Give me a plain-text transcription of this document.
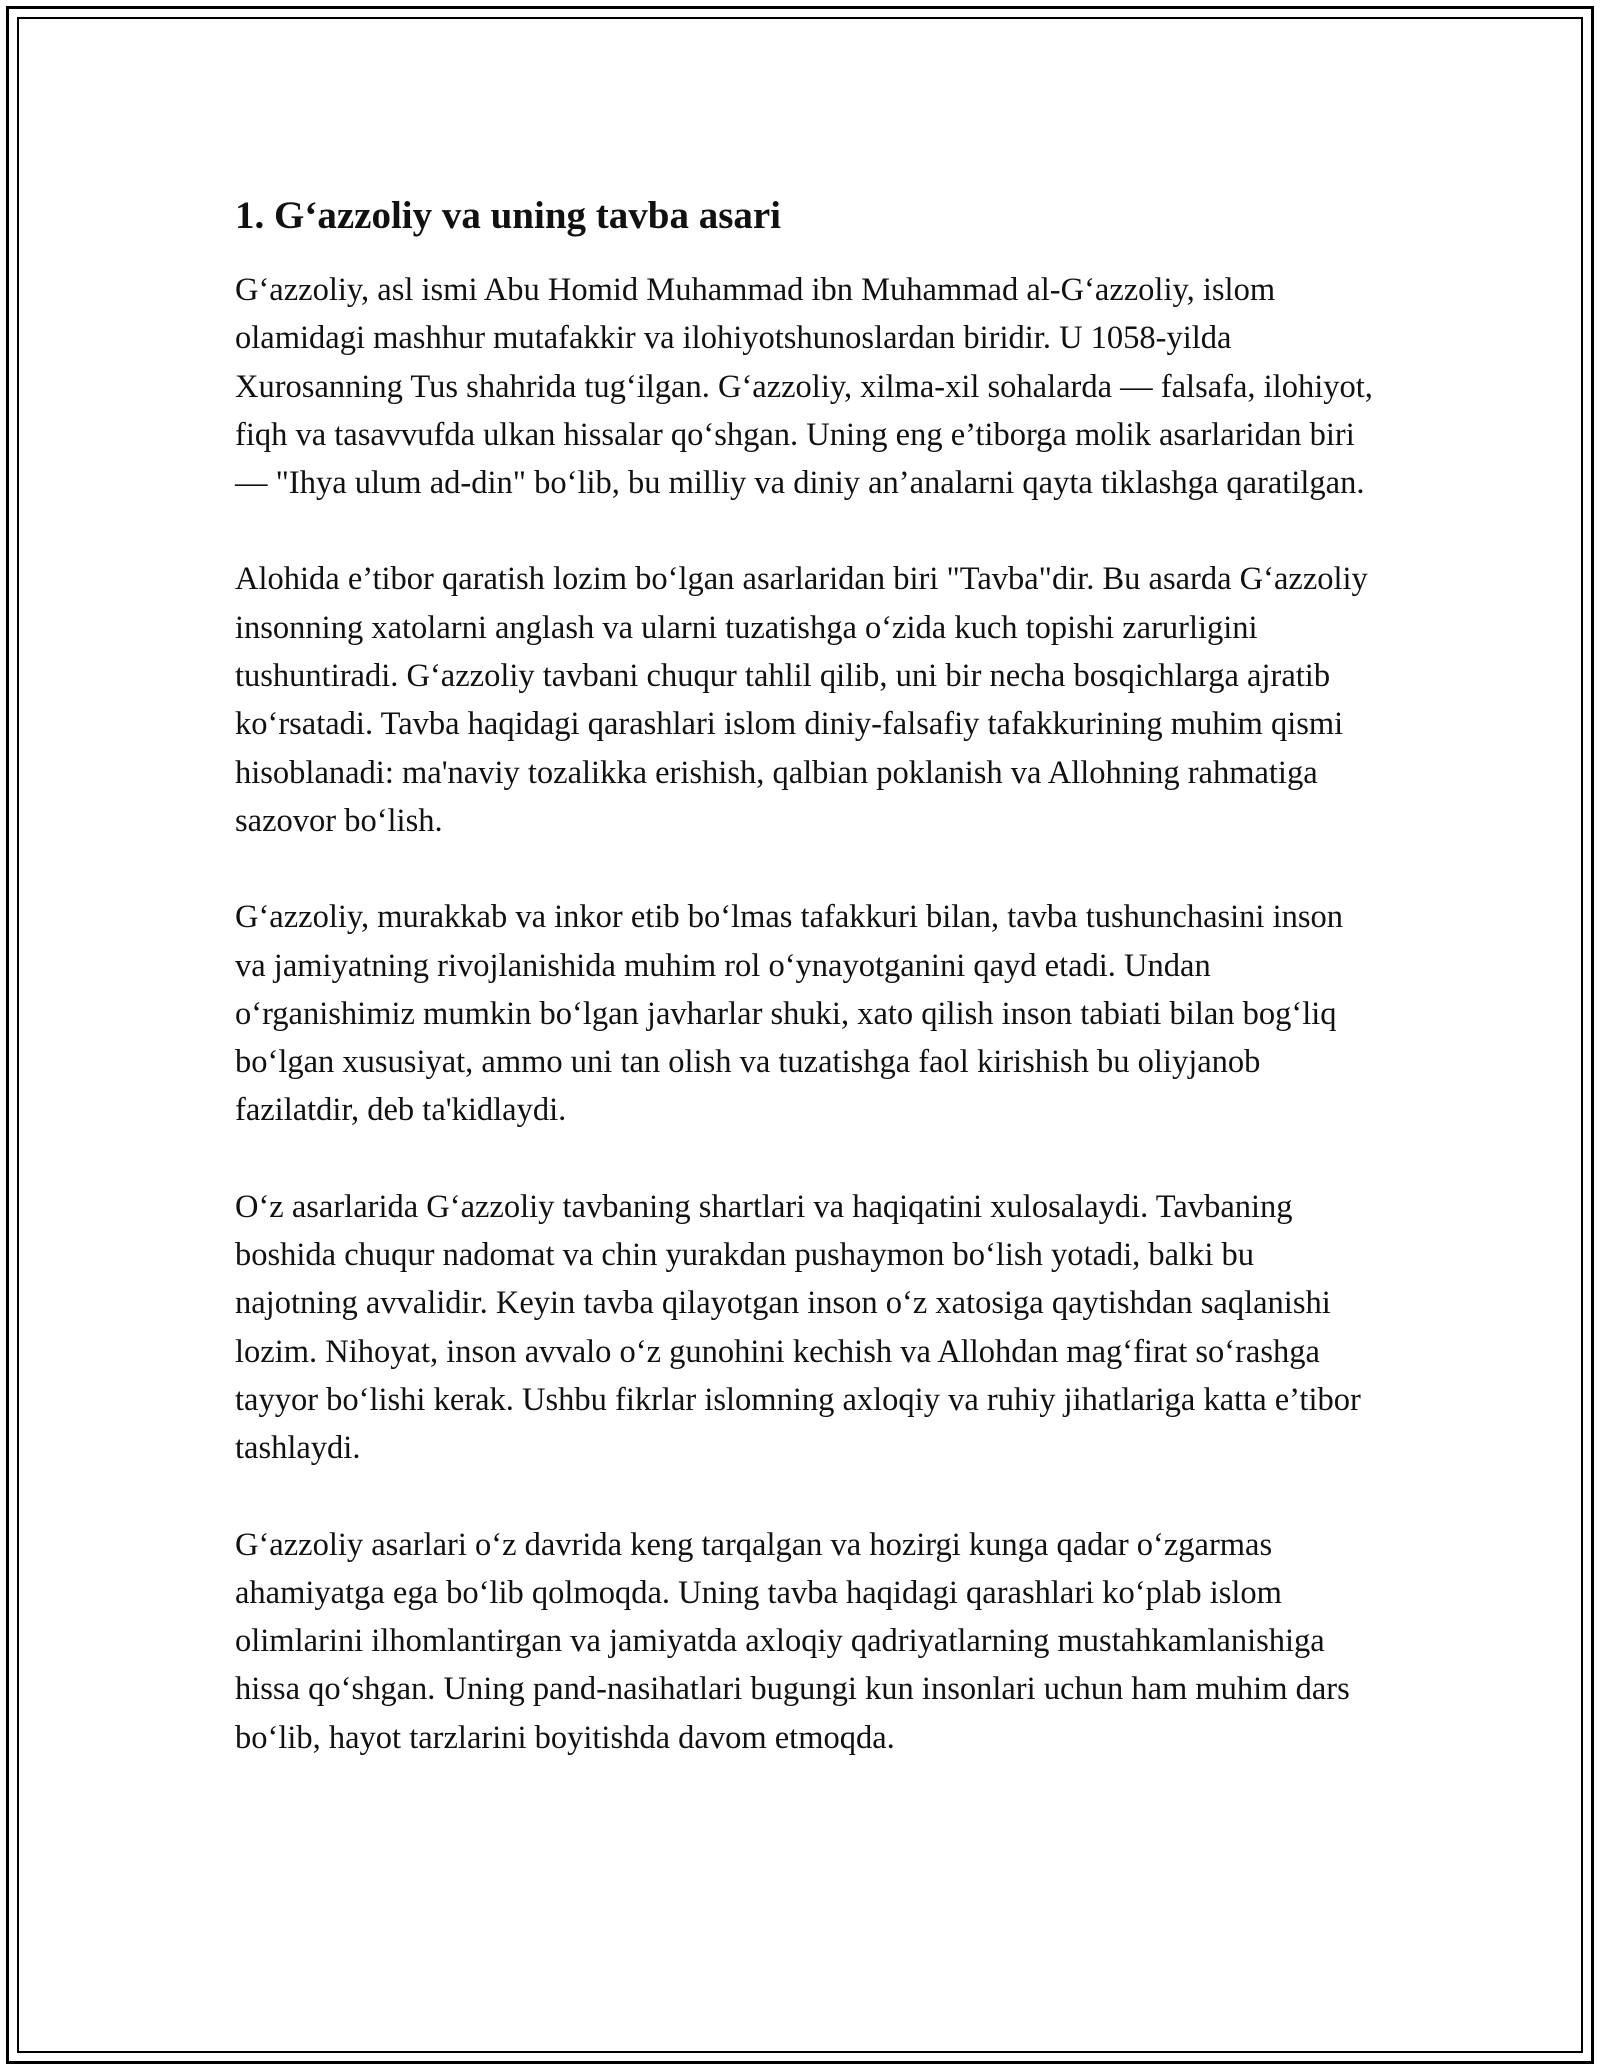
1. G‘azzoliy va uning tavba asari

G‘azzoliy, asl ismi Abu Homid Muhammad ibn Muhammad al-G‘azzoliy, islom olamidagi mashhur mutafakkir va ilohiyotshunoslardan biridir. U 1058-yilda Xurosanning Tus shahrida tug‘ilgan. G‘azzoliy, xilma-xil sohalarda — falsafa, ilohiyot, fiqh va tasavvufda ulkan hissalar qo‘shgan. Uning eng e’tiborga molik asarlaridan biri — "Ihya ulum ad-din" bo‘lib, bu milliy va diniy an’analarni qayta tiklashga qaratilgan.

Alohida e’tibor qaratish lozim bo‘lgan asarlaridan biri "Tavba"dir. Bu asarda G‘azzoliy insonning xatolarni anglash va ularni tuzatishga o‘zida kuch topishi zarurligini tushuntiradi. G‘azzoliy tavbani chuqur tahlil qilib, uni bir necha bosqichlarga ajratib ko‘rsatadi. Tavba haqidagi qarashlari islom diniy-falsafiy tafakkurining muhim qismi hisoblanadi: ma'naviy tozalikka erishish, qalbian poklanish va Allohning rahmatiga sazovor bo‘lish.

G‘azzoliy, murakkab va inkor etib bo‘lmas tafakkuri bilan, tavba tushunchasini inson va jamiyatning rivojlanishida muhim rol o‘ynayotganini qayd etadi. Undan o‘rganishimiz mumkin bo‘lgan javharlar shuki, xato qilish inson tabiati bilan bog‘liq bo‘lgan xususiyat, ammo uni tan olish va tuzatishga faol kirishish bu oliyjanob fazilatdir, deb ta'kidlaydi.

O‘z asarlarida G‘azzoliy tavbaning shartlari va haqiqatini xulosalaydi. Tavbaning boshida chuqur nadomat va chin yurakdan pushaymon bo‘lish yotadi, balki bu najotning avvalidir. Keyin tavba qilayotgan inson o‘z xatosiga qaytishdan saqlanishi lozim. Nihoyat, inson avvalo o‘z gunohini kechish va Allohdan mag‘firat so‘rashga tayyor bo‘lishi kerak. Ushbu fikrlar islomning axloqiy va ruhiy jihatlariga katta e’tibor tashlaydi.

G‘azzoliy asarlari o‘z davrida keng tarqalgan va hozirgi kunga qadar o‘zgarmas ahamiyatga ega bo‘lib qolmoqda. Uning tavba haqidagi qarashlari ko‘plab islom olimlarini ilhomlantirgan va jamiyatda axloqiy qadriyatlarning mustahkamlanishiga hissa qo‘shgan. Uning pand-nasihatlari bugungi kun insonlari uchun ham muhim dars bo‘lib, hayot tarzlarini boyitishda davom etmoqda.
